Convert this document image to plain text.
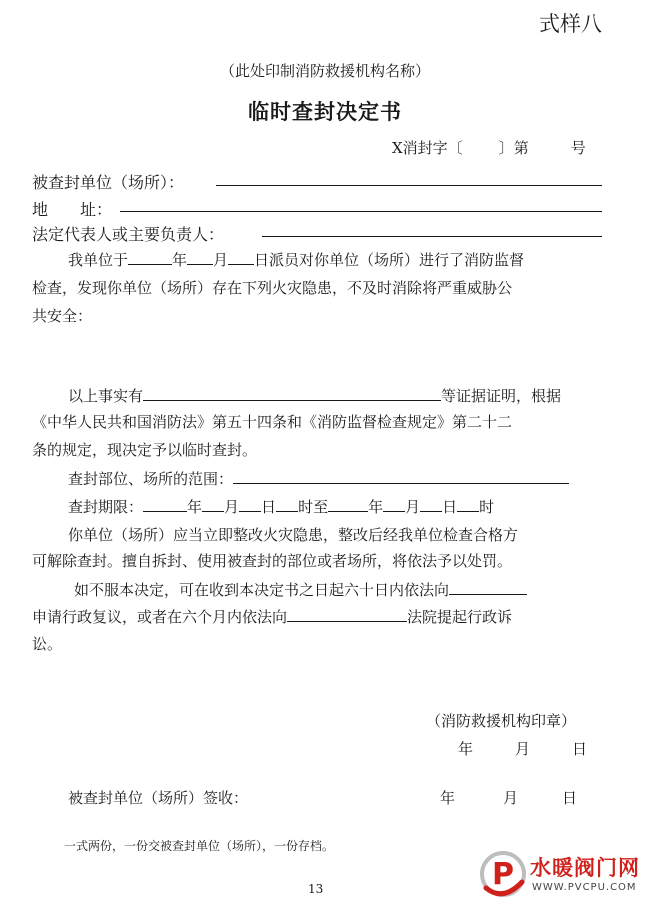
式样八
（此处印制消防救援机构名称）
临时查封决定书
X消封字〔 〕第	号
被查封单位（场所）：
地　　址：
法定代表人或主要负责人：
我单位于	年 月 日派员对你单位（场所）进行了消防监督
检查，发现你单位（场所）存在下列火灾隐患，不及时消除将严重威胁公
共安全：
以上事实有	等证据证明，根据
《中华人民共和国消防法》第五十四条和《消防监督检查规定》第二十二
条的规定，现决定予以临时查封。
查封部位、场所的范围：
查封期限：	年 月 日 时至	年 月 日 时
你单位（场所）应当立即整改火灾隐患，整改后经我单位检查合格方
可解除查封。擅自拆封、使用被查封的部位或者场所，将依法予以处罚。
如不服本决定，可在收到本决定书之日起六十日内依法向
申请行政复议，或者在六个月内依法向	法院提起行政诉
讼。
（消防救援机构印章）
年	月	日
被查封单位（场所）签收：	年	月	日
一式两份，一份交被查封单位（场所），一份存档。
13	P 水暖阀门网
WWW.PVCPU.COM
